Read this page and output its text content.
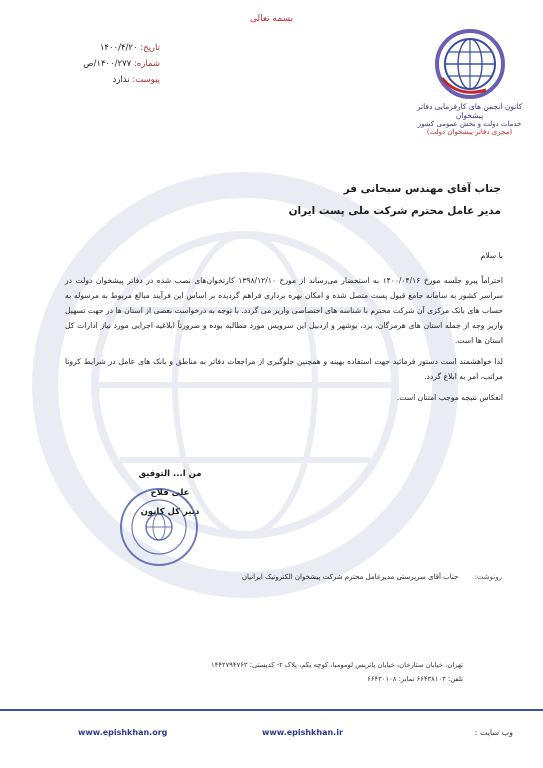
بسمه تعالی
تاریخ: ۱۴۰۰/۴/۲۰
شماره: ۱۴۰۰/۲۷۷/ص
پیوست: ندارد
کانون انجمن های کارفرمایی دفاتر پیشخوان
خدمات دولت و بخش عمومی کشور
(مجری دفاتر پیشخوان دولت)
جناب آقای مهندس سبحانی فر
مدیر عامل محترم شرکت ملی پست ایران

با سلام

احتراماً پیرو جلسه مورخ ۱۴۰۰/۰۴/۱۶ به استحضار می‌رساند از مورخ ۱۳۹۸/۱۲/۱۰ کارتخوان‌های نصب شده در دفاتر پیشخوان دولت در سراسر کشور به سامانه جامع قبول پست متصل شده و امکان بهره برداری فراهم گردیده بر اساس این فرآیند مبالغ مربوط به مرسوله به حساب های بانک مرکزی آن شرکت محترم با شناسه های اختصاصی واریز می گردد. با توجه به درخواست بعضی از استان ها در جهت تسهیل واریز وجه از جمله استان های هرمزگان، یزد، بوشهر و اردبیل این سرویس مورد مطالبه بوده و ضرورتاً ابلاغیه اجرایی مورد نیاز ادارات کل استان ها است.

لذا خواهشمند است دستور فرمائید جهت استفاده بهینه و همچنین جلوگیری از مراجعات دفاتر به مناطق و بانک های عامل در شرایط کرونا مراتب، امر به ابلاغ گردد.

انعکاس نتیجه موجب امتنان است.

من ا... التوفیق
علی فلاح
دبیر کل کانون
رونوشت: جناب آقای سرپرستی مدیرعامل محترم شرکت پیشخوان الکترونیک ایرانیان
تهران، خیابان ستارخان، خیابان پاتریس لومومبا، کوچه یکم، پلاک ۲- کدپستی: ۱۴۴۲۷۹۴۷۶۳
تلفن: ۶۶۴۳۸۱۰۳ نمابر: ۶۶۴۳۰۱۰۸
www.epishkhan.org	www.epishkhan.ir	وب سایت :
